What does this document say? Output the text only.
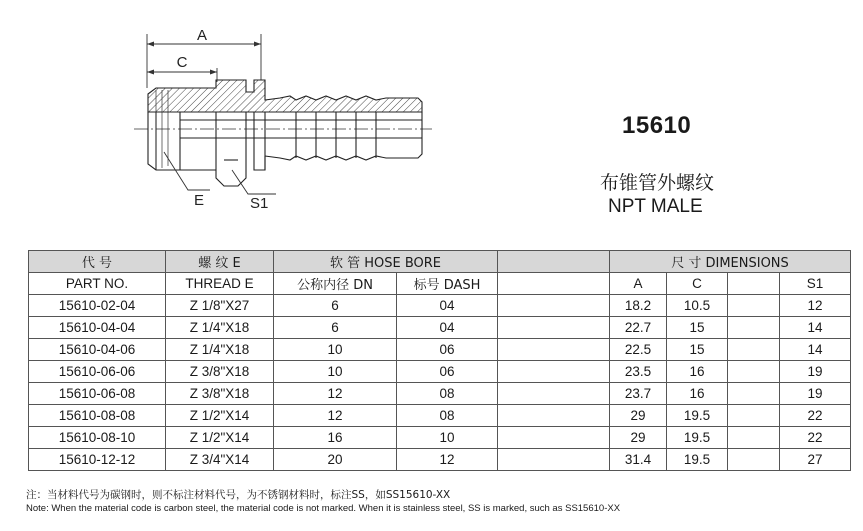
A
C
E	S1
15610
布锥管外螺纹
NPT MALE
代 号	螺 纹 E	软 管 HOSE BORE			尺 寸 DIMENSIONS			
PART NO.	THREAD E	公称内径 DN	标号 DASH		A	C		S1
15610-02-04	Z 1/8"X27	6	04		18.2	10.5		12
15610-04-04	Z 1/4"X18	6	04		22.7	15		14
15610-04-06	Z 1/4"X18	10	06		22.5	15		14
15610-06-06	Z 3/8"X18	10	06		23.5	16		19
15610-06-08	Z 3/8"X18	12	08		23.7	16		19
15610-08-08	Z 1/2"X14	12	08		29	19.5		22
15610-08-10	Z 1/2"X14	16	10		29	19.5		22
15610-12-12	Z 3/4"X14	20	12		31.4	19.5		27
注：当材料代号为碳钢时，则不标注材料代号，为不锈钢材料时，标注SS，如SS15610-XX
Note: When the material code is carbon steel, the material code is not marked. When it is stainless steel, SS is marked, such as SS15610-XX
